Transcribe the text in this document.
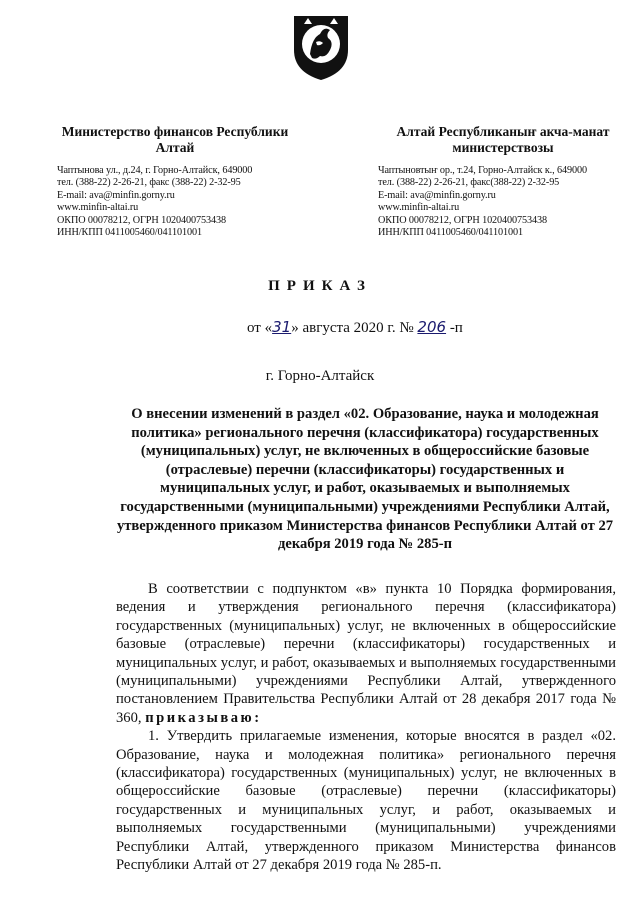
Министерство финансов Республики Алтай
Чаптынова ул., д.24, г. Горно-Алтайск, 649000
тел. (388-22) 2-26-21, факс (388-22) 2-32-95
E-mail: ava@minfin.gorny.ru
www.minfin-altai.ru
ОКПО 00078212, ОГРН 1020400753438
ИНН/КПП 0411005460/041101001
Алтай Республиканыҥ акча-манат министерствозы
Чаптыновтыҥ ор., т.24, Горно-Алтайск к., 649000
тел. (388-22) 2-26-21, факс(388-22) 2-32-95
E-mail: ava@minfin.gorny.ru
www.minfin-altai.ru
ОКПО 00078212, ОГРН 1020400753438
ИНН/КПП 0411005460/041101001
ПРИКАЗ
от «31» августа 2020 г. № 206 -п
г. Горно-Алтайск
О внесении изменений в раздел «02. Образование, наука и молодежная политика» регионального перечня (классификатора) государственных (муниципальных) услуг, не включенных в общероссийские базовые (отраслевые) перечни (классификаторы) государственных и муниципальных услуг, и работ, оказываемых и выполняемых государственными (муниципальными) учреждениями Республики Алтай, утвержденного приказом Министерства финансов Республики Алтай от 27 декабря 2019 года № 285-п

В соответствии с подпунктом «в» пункта 10 Порядка формирования, ведения и утверждения регионального перечня (классификатора) государственных (муниципальных) услуг, не включенных в общероссийские базовые (отраслевые) перечни (классификаторы) государственных и муниципальных услуг, и работ, оказываемых и выполняемых государственными (муниципальными) учреждениями Республики Алтай, утвержденного постановлением Правительства Республики Алтай от 28 декабря 2017 года № 360, приказываю:

1. Утвердить прилагаемые изменения, которые вносятся в раздел «02. Образование, наука и молодежная политика» регионального перечня (классификатора) государственных (муниципальных) услуг, не включенных в общероссийские базовые (отраслевые) перечни (классификаторы) государственных и муниципальных услуг, и работ, оказываемых и выполняемых государственными (муниципальными) учреждениями Республики Алтай, утвержденного приказом Министерства финансов Республики Алтай от 27 декабря 2019 года № 285-п.
